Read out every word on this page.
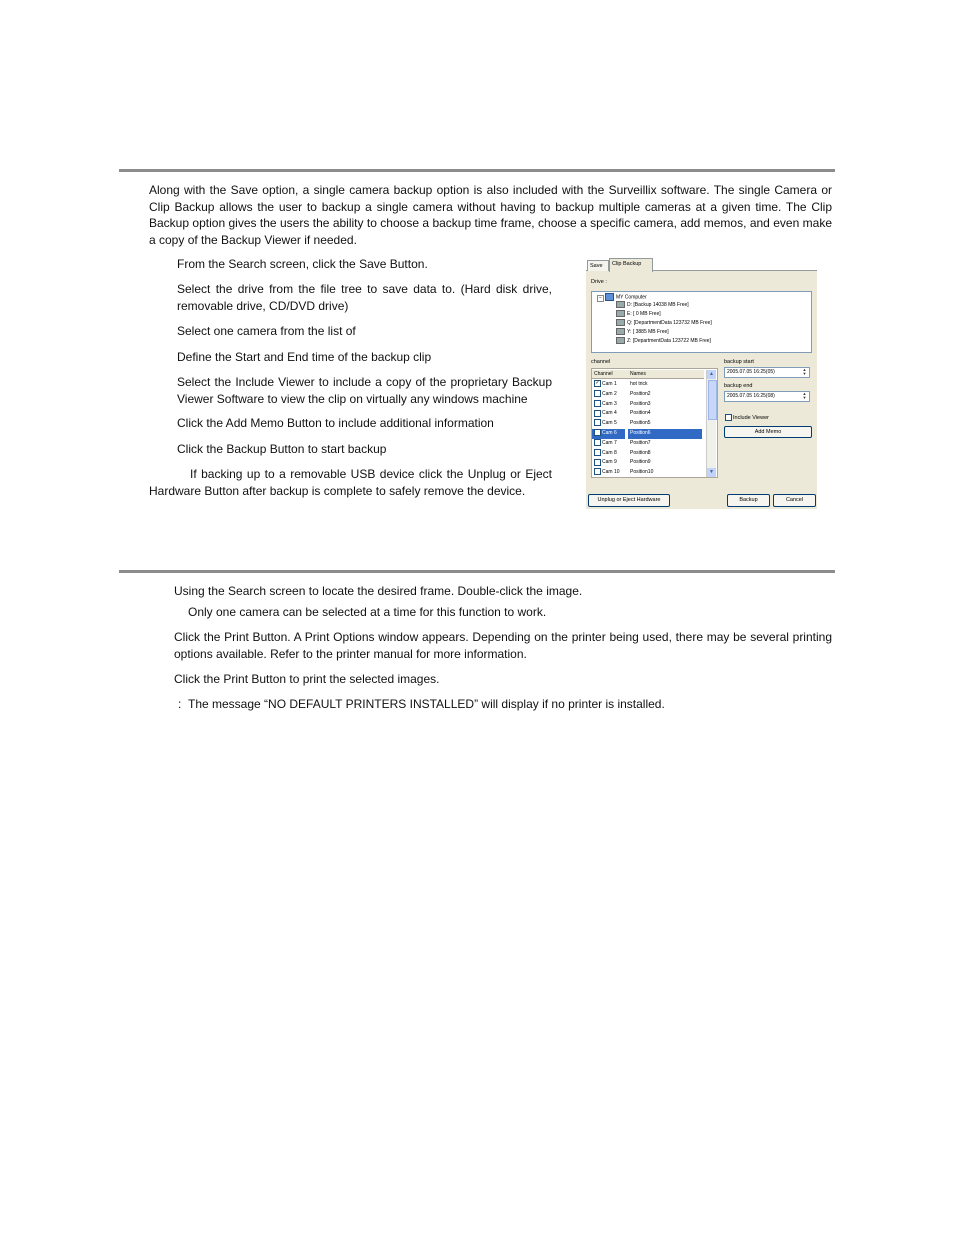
Along with the Save option, a single camera backup option is also included with the Surveillix software. The single Camera or Clip Backup allows the user to backup a single camera without having to backup multiple cameras at a given time. The Clip Backup option gives the users the ability to choose a backup time frame, choose a specific camera, add memos, and even make a copy of the Backup Viewer if needed.

From the Search screen, click the Save Button.

Select the drive from the file tree to save data to. (Hard disk drive, removable drive, CD/DVD drive)

Select one camera from the list of

Define the Start and End time of the backup clip

Select the Include Viewer to include a copy of the proprietary Backup Viewer Software to view the clip on virtually any windows machine

Click the Add Memo Button to include additional information

Click the Backup Button to start backup

If backing up to a removable USB device click the Unplug or Eject Hardware Button after backup is complete to safely remove the device.

Save	Clip Backup
Drive :
−	MY Computer
D: [Backup 14038 MB Free]
E: [ 0 MB Free]
Q: [DepartmentData 123732 MB Free]
Y: [ 3885 MB Free]
Z: [DepartmentData 123722 MB Free]
channel
Channel	Names
✓ Cam 1	hot trick
Cam 2	Position2
Cam 3	Position3
Cam 4	Position4
Cam 5	Position5
Cam 6	Position6
Cam 7	Position7
Cam 8	Position8
Cam 9	Position9
Cam 10	Position10
▲
▼
backup start
2005.07.05 16:25(05)	▲
▼
backup end
2005.07.05 16:25(08)	▲
▼
Include Viewer
Add Memo
Unplug or Eject Hardware	Backup	Cancel

Using the Search screen to locate the desired frame. Double-click the image.

Only one camera can be selected at a time for this function to work.

Click the Print Button. A Print Options window appears. Depending on the printer being used, there may be several printing options available. Refer to the printer manual for more information.

Click the Print Button to print the selected images.

: The message “NO DEFAULT PRINTERS INSTALLED” will display if no printer is installed.
